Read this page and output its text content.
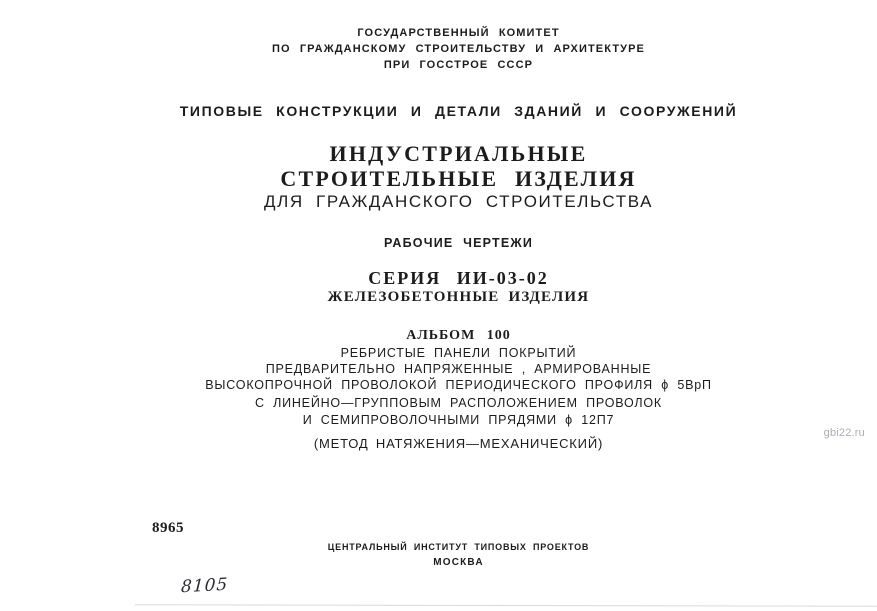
ГОСУДАРСТВЕННЫЙ КОМИТЕТ
ПО ГРАЖДАНСКОМУ СТРОИТЕЛЬСТВУ И АРХИТЕКТУРЕ
ПРИ ГОССТРОЕ СССР
ТИПОВЫЕ КОНСТРУКЦИИ И ДЕТАЛИ ЗДАНИЙ И СООРУЖЕНИЙ
ИНДУСТРИАЛЬНЫЕ
СТРОИТЕЛЬНЫЕ ИЗДЕЛИЯ
ДЛЯ ГРАЖДАНСКОГО СТРОИТЕЛЬСТВА
РАБОЧИЕ ЧЕРТЕЖИ
СЕРИЯ ИИ-03-02
ЖЕЛЕЗОБЕТОННЫЕ ИЗДЕЛИЯ
АЛЬБОМ 100
РЕБРИСТЫЕ ПАНЕЛИ ПОКРЫТИЙ
ПРЕДВАРИТЕЛЬНО НАПРЯЖЕННЫЕ , АРМИРОВАННЫЕ
ВЫСОКОПРОЧНОЙ ПРОВОЛОКОЙ ПЕРИОДИЧЕСКОГО ПРОФИЛЯ ϕ 5ВрП
С ЛИНЕЙНО—ГРУППОВЫМ РАСПОЛОЖЕНИЕМ ПРОВОЛОК
И СЕМИПРОВОЛОЧНЫМИ ПРЯДЯМИ ϕ 12П7
(МЕТОД НАТЯЖЕНИЯ—МЕХАНИЧЕСКИЙ)
8965
ЦЕНТРАЛЬНЫЙ ИНСТИТУТ ТИПОВЫХ ПРОЕКТОВ
МОСКВА
8105
gbi22.ru
